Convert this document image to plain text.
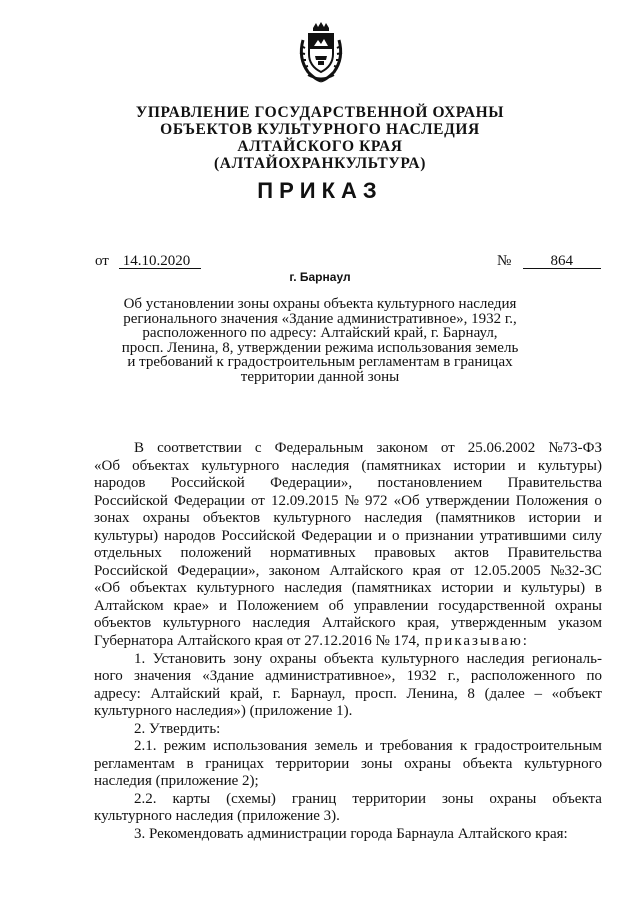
УПРАВЛЕНИЕ ГОСУДАРСТВЕННОЙ ОХРАНЫ
ОБЪЕКТОВ КУЛЬТУРНОГО НАСЛЕДИЯ
АЛТАЙСКОГО КРАЯ
(АЛТАЙОХРАНКУЛЬТУРА)
ПРИКАЗ
от 14.10.2020	№	864
г. Барнаул
Об установлении зоны охраны объекта культурного наследия
регионального значения «Здание административное», 1932 г.,
расположенного по адресу: Алтайский край, г. Барнаул,
просп. Ленина, 8, утверждении режима использования земель
и требований к градостроительным регламентам в границах
территории данной зоны
В соответствии с Федеральным законом от 25.06.2002 №73-ФЗ
«Об объектах культурного наследия (памятниках истории и культуры)
народов Российской Федерации», постановлением Правительства
Российской Федерации от 12.09.2015 № 972 «Об утверждении Положения о
зонах охраны объектов культурного наследия (памятников истории и
культуры) народов Российской Федерации и о признании утратившими силу
отдельных положений нормативных правовых актов Правительства
Российской Федерации», законом Алтайского края от 12.05.2005 №32-ЗС
«Об объектах культурного наследия (памятниках истории и культуры) в
Алтайском крае» и Положением об управлении государственной охраны
объектов культурного наследия Алтайского края, утвержденным указом
Губернатора Алтайского края от 27.12.2016 № 174, приказываю:
1. Установить зону охраны объекта культурного наследия региональ-
ного значения «Здание административное», 1932 г., расположенного по
адресу: Алтайский край, г. Барнаул, просп. Ленина, 8 (далее – «объект
культурного наследия») (приложение 1).
2. Утвердить:
2.1. режим использования земель и требования к градостроительным
регламентам в границах территории зоны охраны объекта культурного
наследия (приложение 2);
2.2. карты (схемы) границ территории зоны охраны объекта
культурного наследия (приложение 3).
3. Рекомендовать администрации города Барнаула Алтайского края:
